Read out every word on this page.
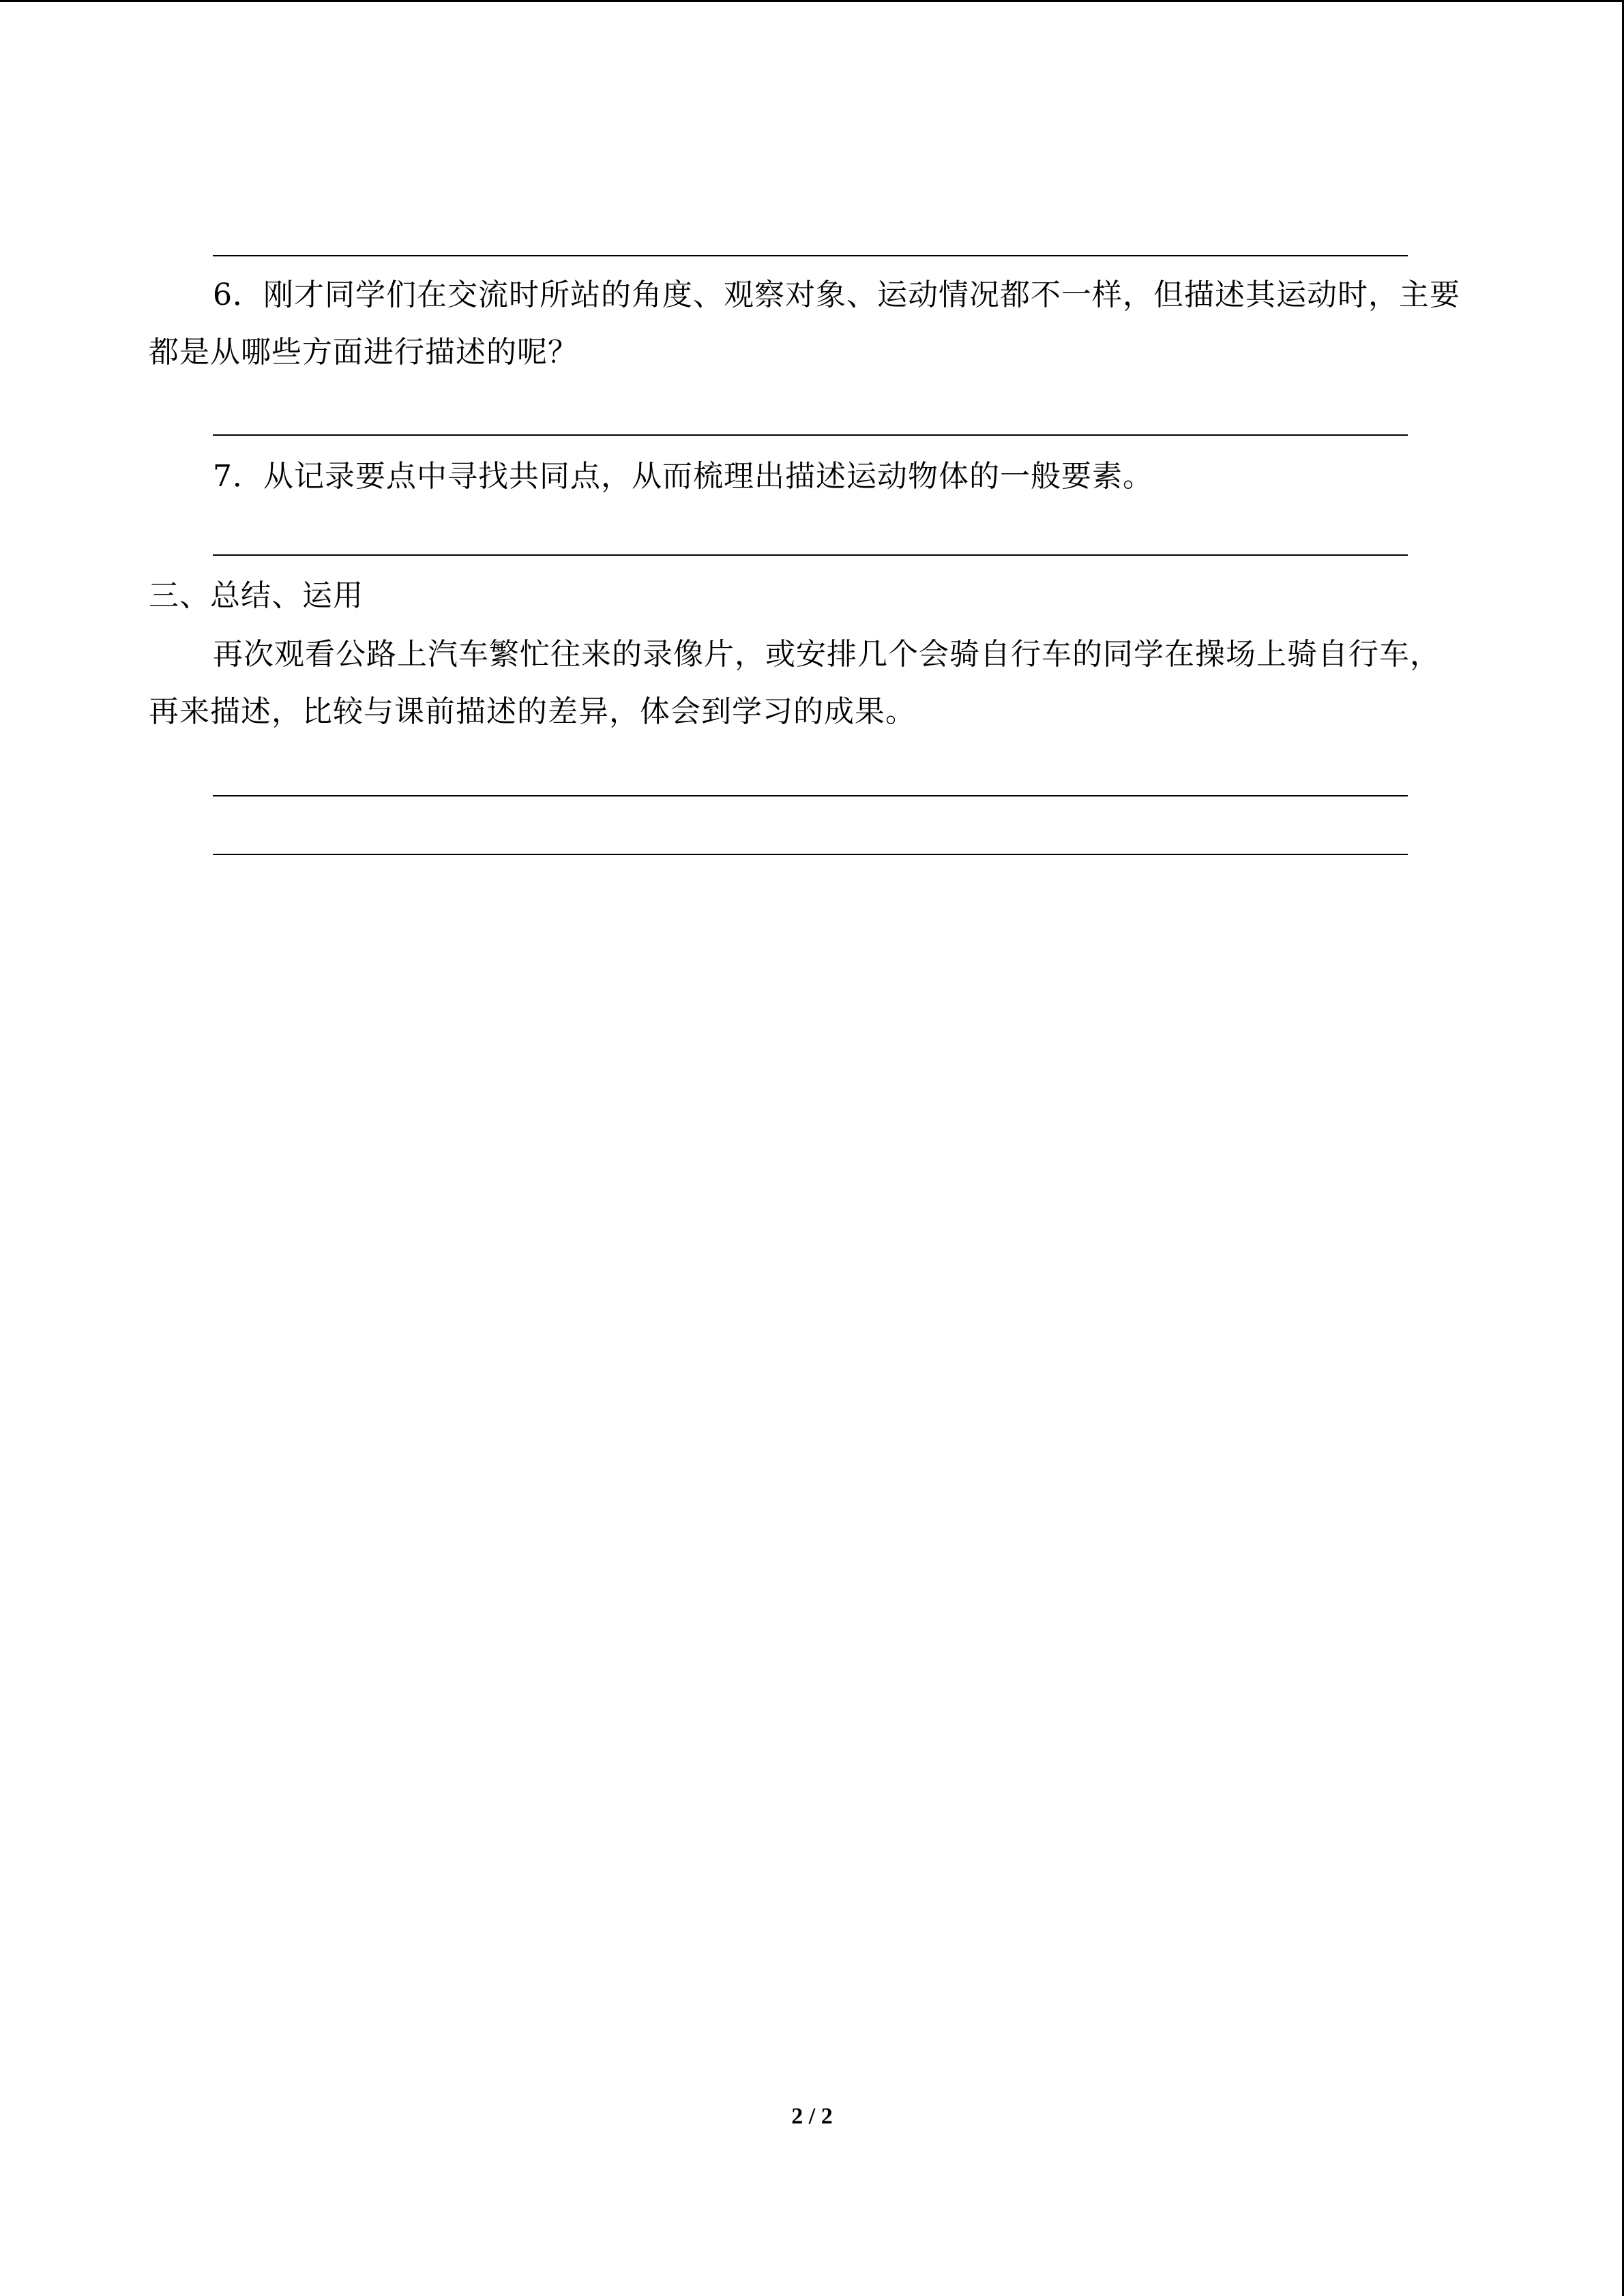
6．刚才同学们在交流时所站的角度、观察对象、运动情况都不一样，但描述其运动时，主要都是从哪些方面进行描述的呢？

7．从记录要点中寻找共同点，从而梳理出描述运动物体的一般要素。

三、总结、运用

再次观看公路上汽车繁忙往来的录像片，或安排几个会骑自行车的同学在操场上骑自行车，再来描述，比较与课前描述的差异，体会到学习的成果。

2 / 2
